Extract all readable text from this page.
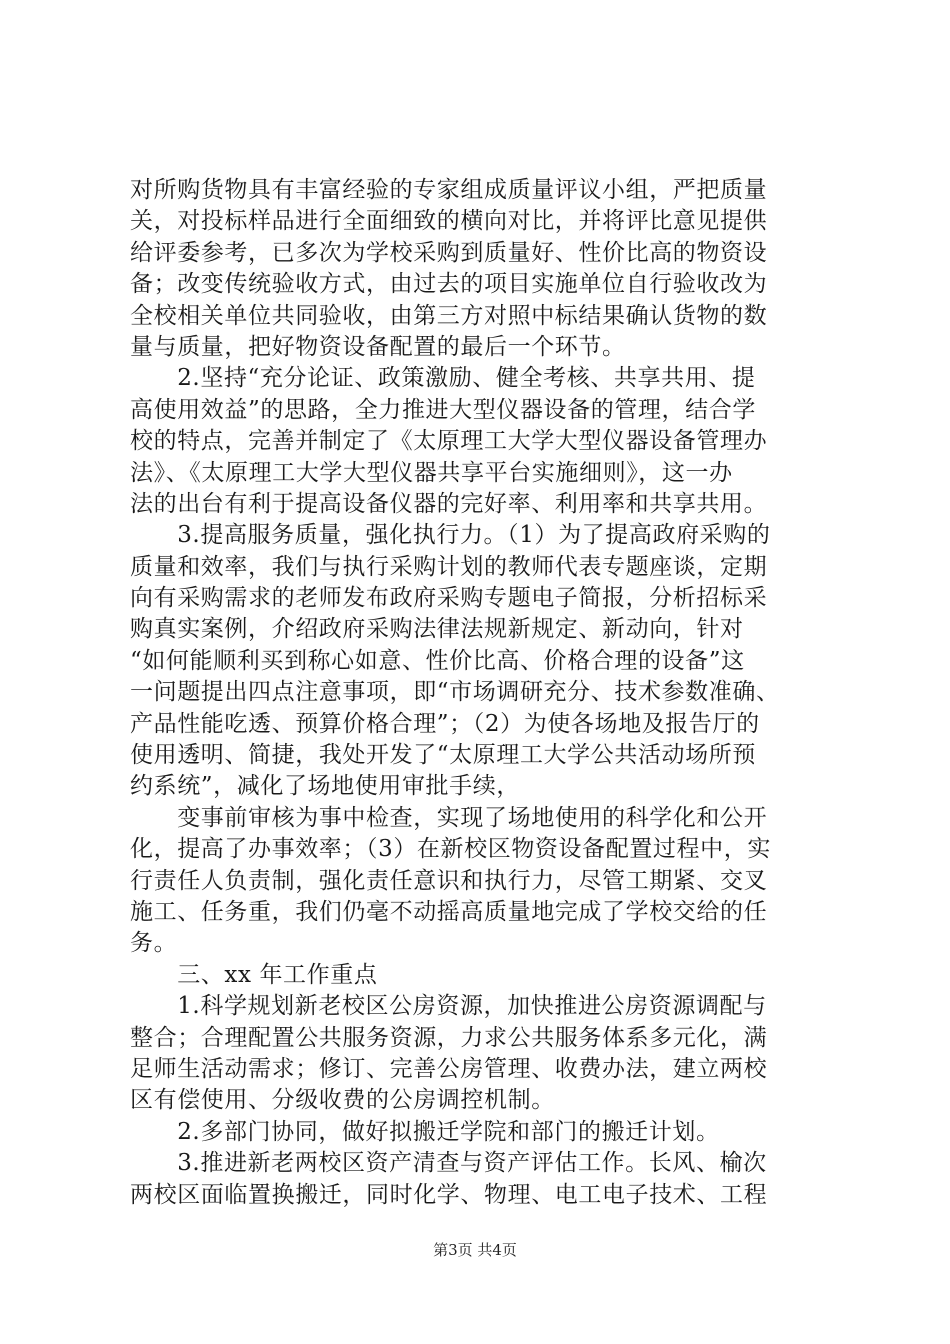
对所购货物具有丰富经验的专家组成质量评议小组，严把质量
关，对投标样品进行全面细致的横向对比，并将评比意见提供
给评委参考，已多次为学校采购到质量好、性价比高的物资设
备；改变传统验收方式，由过去的项目实施单位自行验收改为
全校相关单位共同验收，由第三方对照中标结果确认货物的数
量与质量，把好物资设备配置的最后一个环节。
　　2.坚持“充分论证、政策激励、健全考核、共享共用、提
高使用效益”的思路，全力推进大型仪器设备的管理，结合学
校的特点，完善并制定了《太原理工大学大型仪器设备管理办
法》、《太原理工大学大型仪器共享平台实施细则》，这一办
法的出台有利于提高设备仪器的完好率、利用率和共享共用。
　　3.提高服务质量，强化执行力。（1）为了提高政府采购的
质量和效率，我们与执行采购计划的教师代表专题座谈，定期
向有采购需求的老师发布政府采购专题电子简报，分析招标采
购真实案例，介绍政府采购法律法规新规定、新动向，针对
“如何能顺利买到称心如意、性价比高、价格合理的设备”这
一问题提出四点注意事项，即“市场调研充分、技术参数准确、
产品性能吃透、预算价格合理”；（2）为使各场地及报告厅的
使用透明、简捷，我处开发了“太原理工大学公共活动场所预
约系统”，减化了场地使用审批手续，
　　变事前审核为事中检查，实现了场地使用的科学化和公开
化，提高了办事效率；（3）在新校区物资设备配置过程中，实
行责任人负责制，强化责任意识和执行力，尽管工期紧、交叉
施工、任务重，我们仍毫不动摇高质量地完成了学校交给的任
务。
　　三、xx 年工作重点
　　1.科学规划新老校区公房资源，加快推进公房资源调配与
整合；合理配置公共服务资源，力求公共服务体系多元化，满
足师生活动需求；修订、完善公房管理、收费办法，建立两校
区有偿使用、分级收费的公房调控机制。
　　2.多部门协同，做好拟搬迁学院和部门的搬迁计划。
　　3.推进新老两校区资产清查与资产评估工作。长风、榆次
两校区面临置换搬迁，同时化学、物理、电工电子技术、工程
第3页 共4页
